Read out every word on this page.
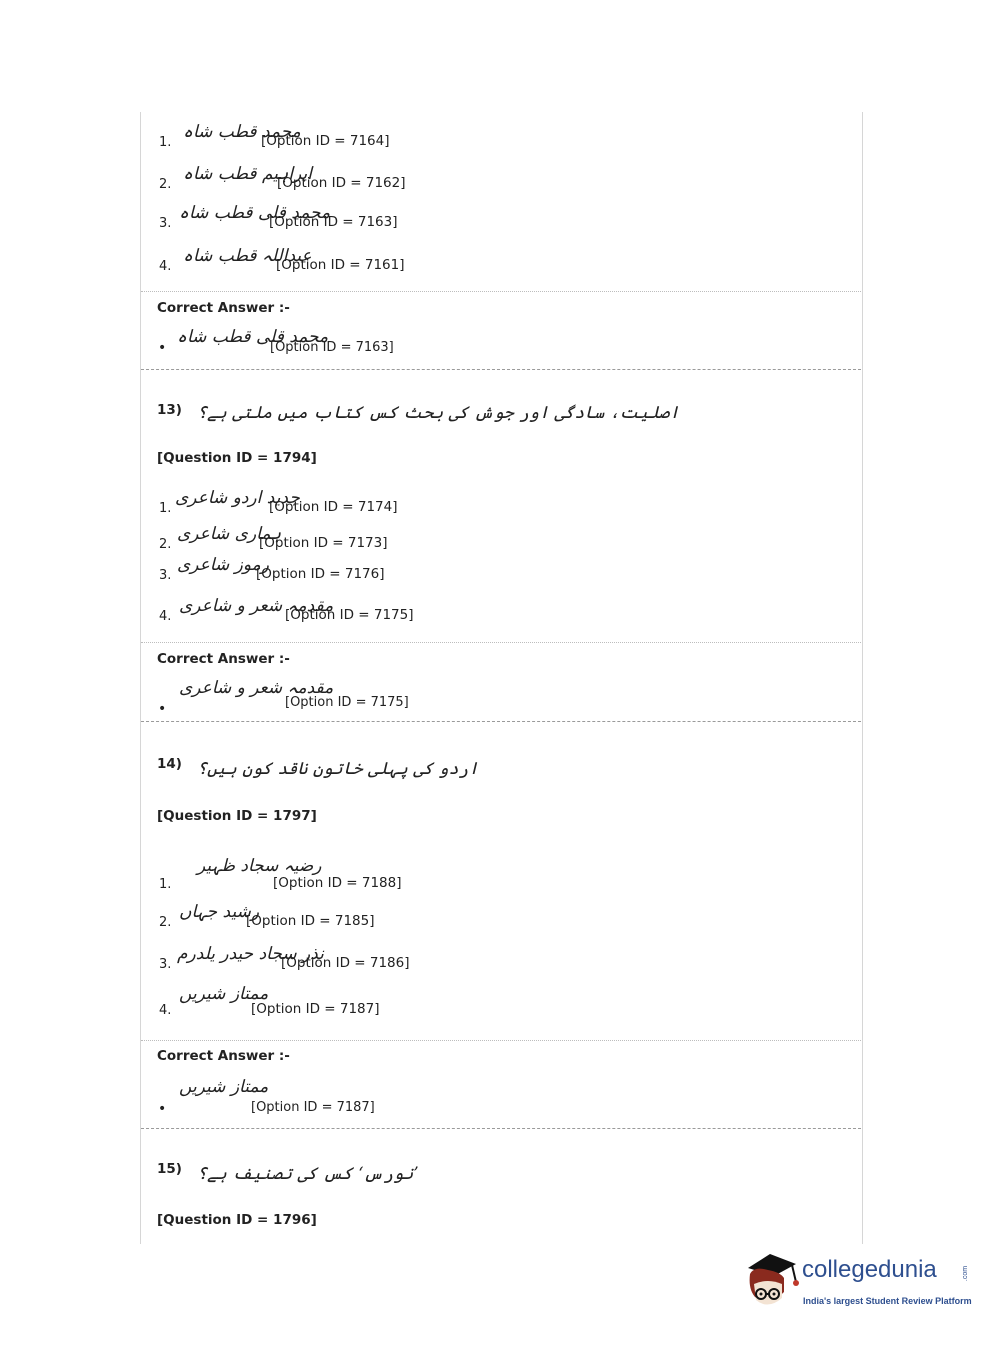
1.
محمد قطب شاہ
[Option ID = 7164]
2.
ابراہیم قطب شاہ
[Option ID = 7162]
3.
محمد قلی قطب شاہ
[Option ID = 7163]
4.
عبداللہ قطب شاہ
[Option ID = 7161]
Correct Answer :-
•
محمد قلی قطب شاہ
[Option ID = 7163]
13) اصلیت، سادگی اور جوش کی بحث کس کتاب میں ملتی ہے؟
[Question ID = 1794]
1.
جدید اردو شاعری
[Option ID = 7174]
2.
ہماری شاعری
[Option ID = 7173]
3.
رموز شاعری
[Option ID = 7176]
4.
مقدمہ شعر و شاعری
[Option ID = 7175]
Correct Answer :-
•
مقدمہ شعر و شاعری
[Option ID = 7175]
14) اردو کی پہلی خاتون ناقد کون ہیں؟
[Question ID = 1797]
1.
رضیہ سجاد ظہیر
[Option ID = 7188]
2.
رشید جہاں
[Option ID = 7185]
3.
نذر سجاد حیدر یلدرم
[Option ID = 7186]
4.
ممتاز شیریں
[Option ID = 7187]
Correct Answer :-
•
ممتاز شیریں
[Option ID = 7187]
15) ’نورس‘ کس کی تصنیف ہے؟
[Question ID = 1796]
collegedunia	.com
India's largest Student Review Platform
